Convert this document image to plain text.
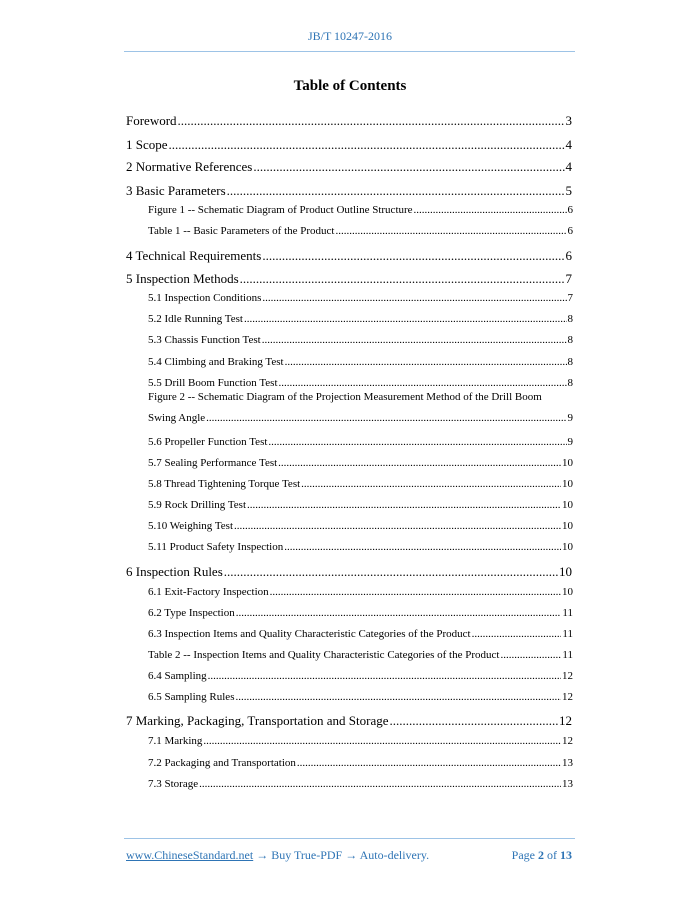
JB/T 10247-2016
Table of Contents
Foreword .....	3
1 Scope .....	4
2 Normative References .....	4
3 Basic Parameters .....	5
Figure 1 -- Schematic Diagram of Product Outline Structure .....	6
Table 1 -- Basic Parameters of the Product .....	6
4 Technical Requirements .....	6
5 Inspection Methods .....	7
5.1 Inspection Conditions .....	7
5.2 Idle Running Test .....	8
5.3 Chassis Function Test .....	8
5.4 Climbing and Braking Test .....	8
5.5 Drill Boom Function Test .....	8
Figure 2 -- Schematic Diagram of the Projection Measurement Method of the Drill Boom
Swing Angle .....	9
5.6 Propeller Function Test .....	9
5.7 Sealing Performance Test .....	10
5.8 Thread Tightening Torque Test .....	10
5.9 Rock Drilling Test .....	10
5.10 Weighing Test .....	10
5.11 Product Safety Inspection .....	10
6 Inspection Rules .....	10
6.1 Exit-Factory Inspection .....	10
6.2 Type Inspection .....	11
6.3 Inspection Items and Quality Characteristic Categories of the Product .....	11
Table 2 -- Inspection Items and Quality Characteristic Categories of the Product .....	11
6.4 Sampling .....	12
6.5 Sampling Rules .....	12
7 Marking, Packaging, Transportation and Storage .....	12
7.1 Marking .....	12
7.2 Packaging and Transportation .....	13
7.3 Storage .....	13
www.ChineseStandard.net → Buy True-PDF → Auto-delivery.	Page 2 of 13
